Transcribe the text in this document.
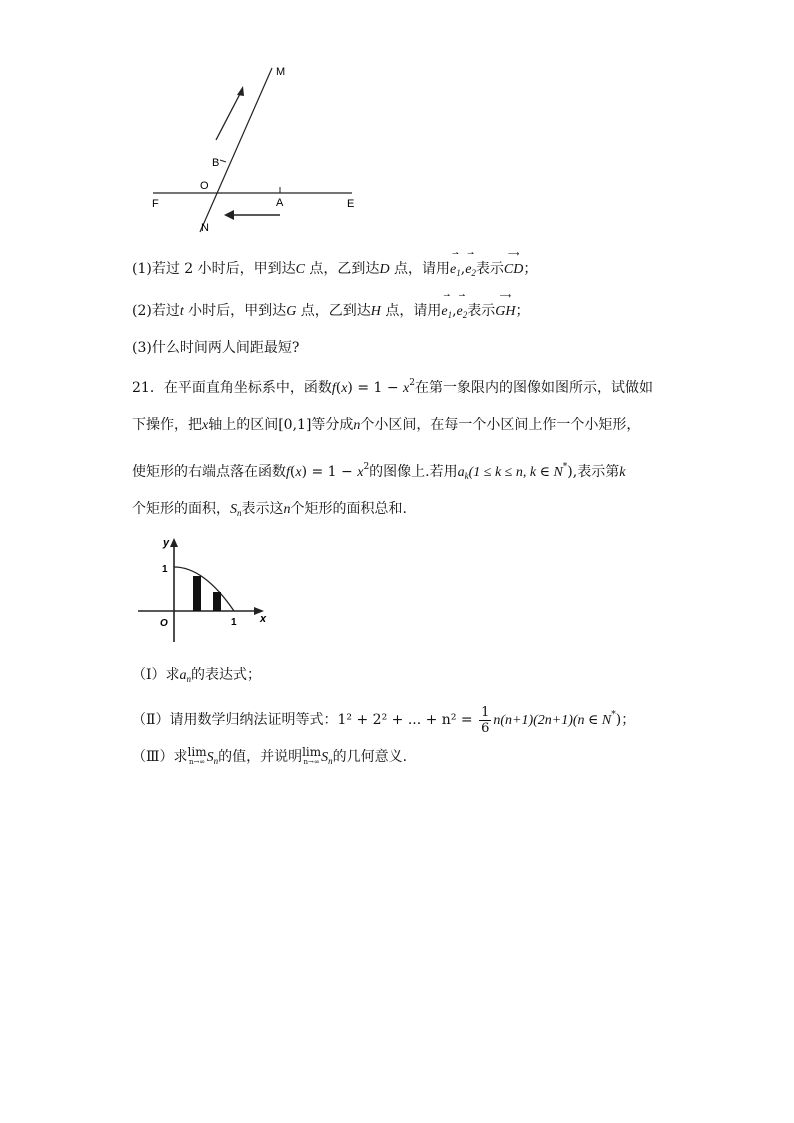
M
B
O
A
F	E
N
(1)若过 2 小时后，甲到达C 点，乙到达D 点，请用
⇀
$e_1$,
⇀
$e_2$表示
⟶
CD；
(2)若过t 小时后，甲到达G 点，乙到达H 点，请用
⇀
$e_1$,
⇀
$e_2$表示
⟶
GH；
(3)什么时间两人间距最短?
21．在平面直角坐标系中，函数$f(x) = 1 - x^2$在第一象限内的图像如图所示，试做如
下操作，把x轴上的区间[0,1]等分成n个小区间，在每一个小区间上作一个小矩形，
使矩形的右端点落在函数$f(x) = 1 - x^2$的图像上.若用$a_k(1 \le k \le n$, k ∈ N*),表示第k
个矩形的面积，$S_n$表示这n个矩形的面积总和.
y
1
O	1 x
（Ⅰ）求$a_n$的表达式；
（Ⅱ）请用数学归纳法证明等式：1² + 2² + ... + $n^2 = \frac{1}{6} n(n+1)(2n+1)(n$ ∈ N*)；
（Ⅲ）求 lim
n→∞ $S_n$的值，并说明 lim
n→∞ $S_n$的几何意义.
